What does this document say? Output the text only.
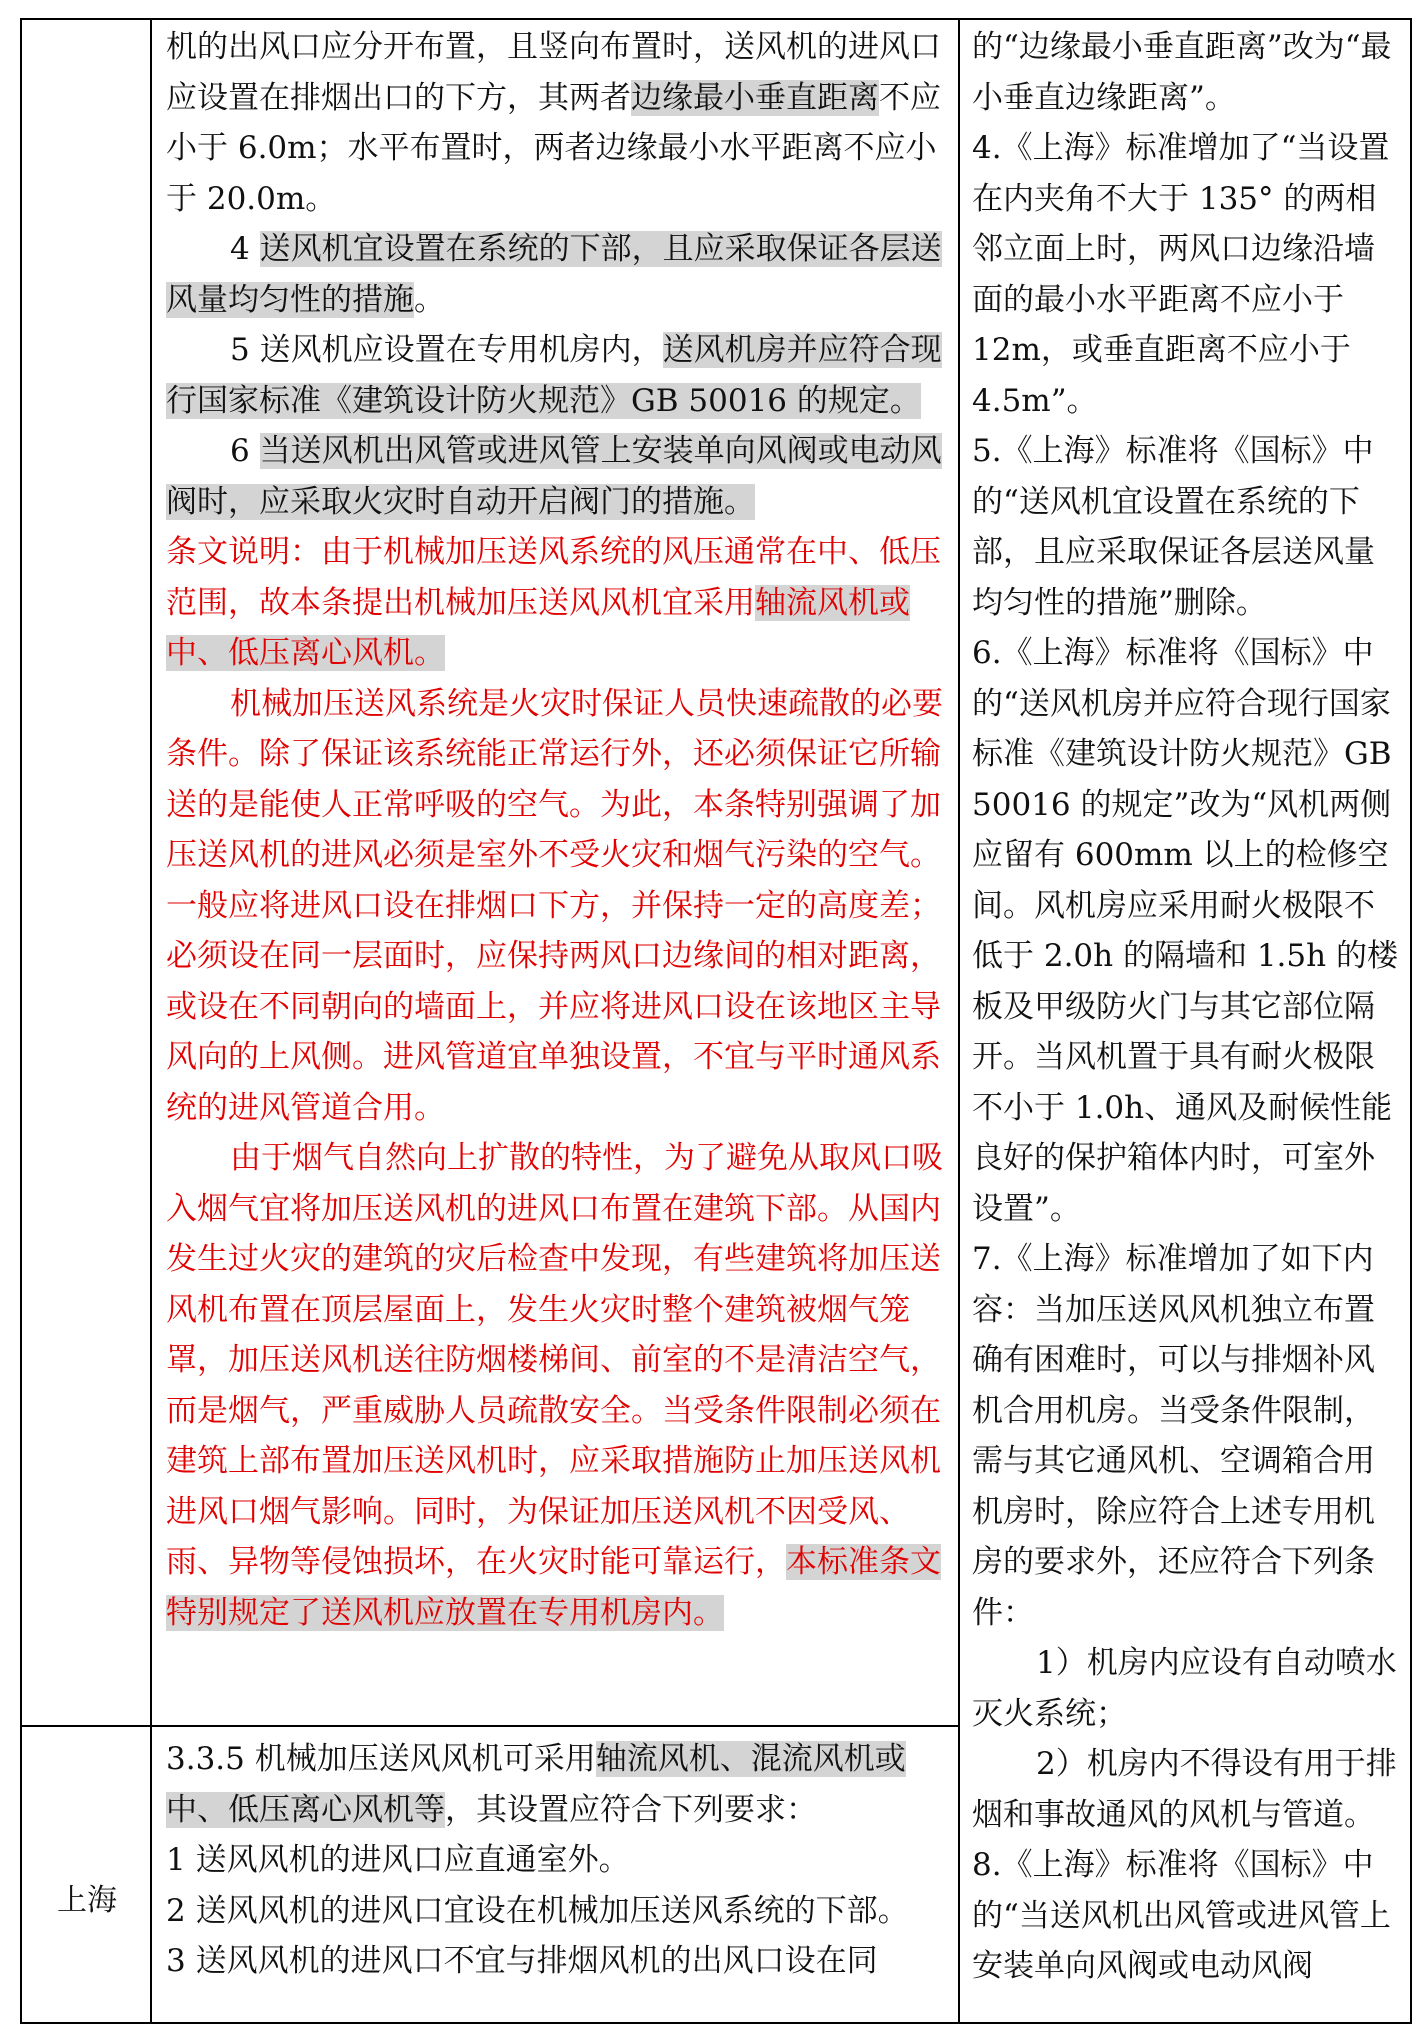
机的出风口应分开布置，且竖向布置时，送风机的进风口应设置在排烟出口的下方，其两者边缘最小垂直距离不应小于 6.0m；水平布置时，两者边缘最小水平距离不应小于 20.0m。

4 送风机宜设置在系统的下部，且应采取保证各层送风量均匀性的措施。

5 送风机应设置在专用机房内，送风机房并应符合现行国家标准《建筑设计防火规范》GB 50016 的规定。

6 当送风机出风管或进风管上安装单向风阀或电动风阀时，应采取火灾时自动开启阀门的措施。

条文说明：由于机械加压送风系统的风压通常在中、低压范围，故本条提出机械加压送风风机宜采用轴流风机或中、低压离心风机。

机械加压送风系统是火灾时保证人员快速疏散的必要条件。除了保证该系统能正常运行外，还必须保证它所输送的是能使人正常呼吸的空气。为此，本条特别强调了加压送风机的进风必须是室外不受火灾和烟气污染的空气。一般应将进风口设在排烟口下方，并保持一定的高度差；必须设在同一层面时，应保持两风口边缘间的相对距离，或设在不同朝向的墙面上，并应将进风口设在该地区主导风向的上风侧。进风管道宜单独设置，不宜与平时通风系统的进风管道合用。

由于烟气自然向上扩散的特性，为了避免从取风口吸入烟气宜将加压送风机的进风口布置在建筑下部。从国内发生过火灾的建筑的灾后检查中发现，有些建筑将加压送风机布置在顶层屋面上，发生火灾时整个建筑被烟气笼罩，加压送风机送往防烟楼梯间、前室的不是清洁空气，而是烟气，严重威胁人员疏散安全。当受条件限制必须在建筑上部布置加压送风机时，应采取措施防止加压送风机进风口烟气影响。同时，为保证加压送风机不因受风、雨、异物等侵蚀损坏，在火灾时能可靠运行，本标准条文特别规定了送风机应放置在专用机房内。

上海

3.3.5 机械加压送风风机可采用轴流风机、混流风机或中、低压离心风机等，其设置应符合下列要求：

1 送风风机的进风口应直通室外。

2 送风风机的进风口宜设在机械加压送风系统的下部。

3 送风风机的进风口不宜与排烟风机的出风口设在同

的“边缘最小垂直距离”改为“最小垂直边缘距离”。

4.《上海》标准增加了“当设置在内夹角不大于 135° 的两相邻立面上时，两风口边缘沿墙面的最小水平距离不应小于 12m，或垂直距离不应小于 4.5m”。

5.《上海》标准将《国标》中的“送风机宜设置在系统的下部，且应采取保证各层送风量均匀性的措施”删除。

6.《上海》标准将《国标》中的“送风机房并应符合现行国家标准《建筑设计防火规范》GB 50016 的规定”改为“风机两侧应留有 600mm 以上的检修空间。风机房应采用耐火极限不低于 2.0h 的隔墙和 1.5h 的楼板及甲级防火门与其它部位隔开。当风机置于具有耐火极限不小于 1.0h、通风及耐候性能良好的保护箱体内时，可室外设置”。

7.《上海》标准增加了如下内容：当加压送风风机独立布置确有困难时，可以与排烟补风机合用机房。当受条件限制，需与其它通风机、空调箱合用机房时，除应符合上述专用机房的要求外，还应符合下列条件：

1）机房内应设有自动喷水灭火系统；

2）机房内不得设有用于排烟和事故通风的风机与管道。

8.《上海》标准将《国标》中的“当送风机出风管或进风管上安装单向风阀或电动风阀
